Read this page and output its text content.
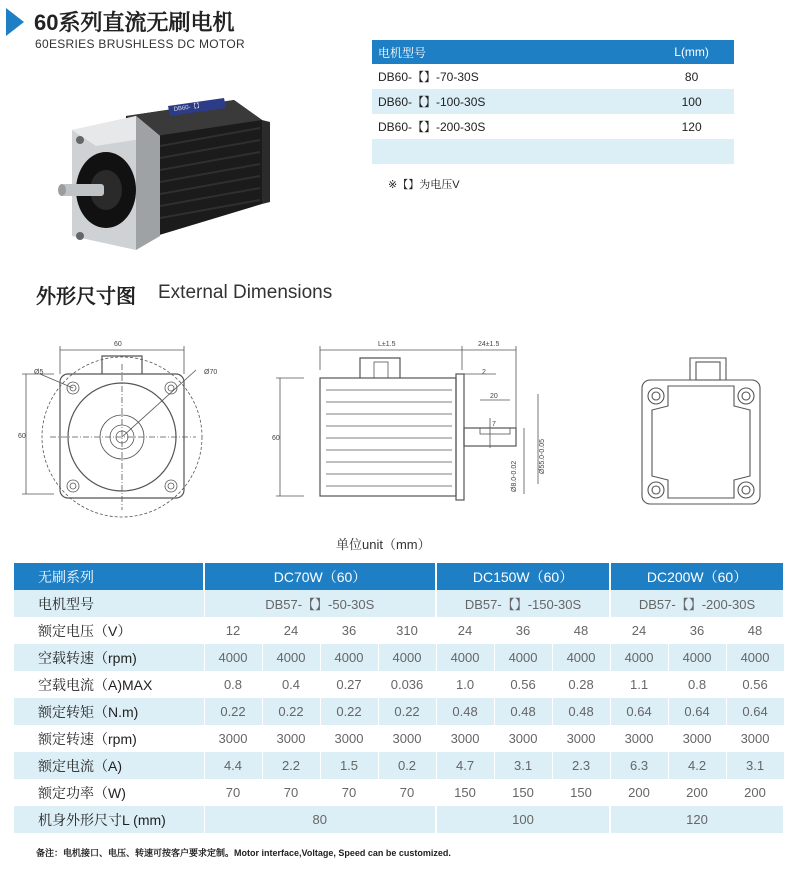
60系列直流无刷电机
60ESRIES BRUSHLESS DC MOTOR
DB60-【】
电机型号	L(mm)
DB60-【】-70-30S	80
DB60-【】-100-30S	100
DB60-【】-200-30S	120

※【】为电压V
外形尺寸图 External Dimensions
60
60
Ø5	Ø70
L±1.5	24±1.5
2
20
7
60
Ø55.0-0.05
Ø8.0-0.02
单位unit（mm）
无刷系列	DC70W（60）				DC150W（60）			DC200W（60）		
电机型号	DB57-【】-50-30S				DB57-【】-150-30S			DB57-【】-200-30S		
额定电压（V）	12	24	36	310	24	36	48	24	36	48
空载转速（rpm)	4000	4000	4000	4000	4000	4000	4000	4000	4000	4000
空载电流（A)MAX	0.8	0.4	0.27	0.036	1.0	0.56	0.28	1.1	0.8	0.56
额定转矩（N.m)	0.22	0.22	0.22	0.22	0.48	0.48	0.48	0.64	0.64	0.64
额定转速（rpm)	3000	3000	3000	3000	3000	3000	3000	3000	3000	3000
额定电流（A)	4.4	2.2	1.5	0.2	4.7	3.1	2.3	6.3	4.2	3.1
额定功率（W)	70	70	70	70	150	150	150	200	200	200
机身外形尺寸L (mm)	80				100			120		
备注：电机接口、电压、转速可按客户要求定制。Motor interface,Voltage, Speed can be customized.
